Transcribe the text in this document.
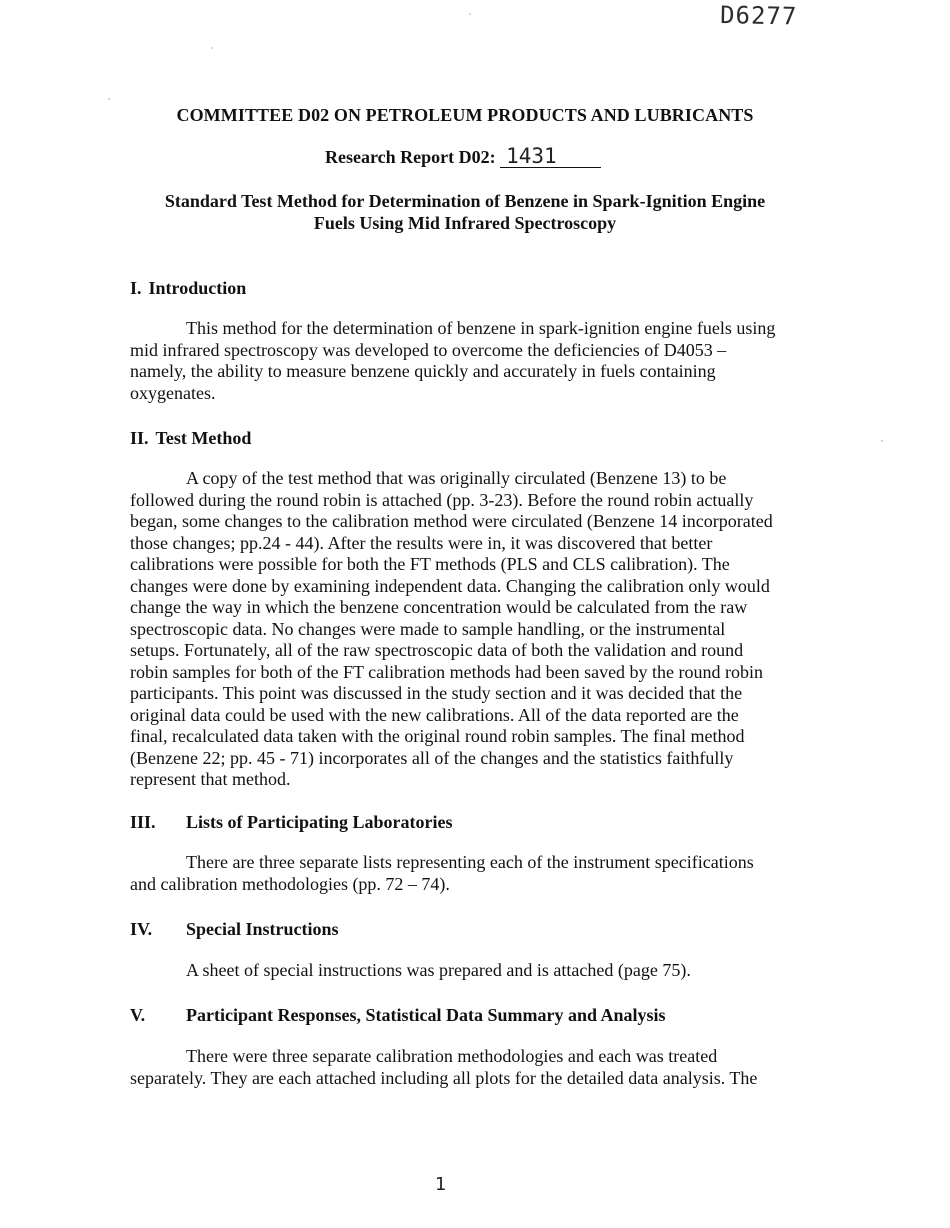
D6277
COMMITTEE D02 ON PETROLEUM PRODUCTS AND LUBRICANTS
Research Report D02: 1431
Standard Test Method for Determination of Benzene in Spark-Ignition Engine
Fuels Using Mid Infrared Spectroscopy
I. Introduction
This method for the determination of benzene in spark-ignition engine fuels using
mid infrared spectroscopy was developed to overcome the deficiencies of D4053 –
namely, the ability to measure benzene quickly and accurately in fuels containing
oxygenates.
II. Test Method
A copy of the test method that was originally circulated (Benzene 13) to be
followed during the round robin is attached (pp. 3-23). Before the round robin actually
began, some changes to the calibration method were circulated (Benzene 14 incorporated
those changes; pp.24 - 44). After the results were in, it was discovered that better
calibrations were possible for both the FT methods (PLS and CLS calibration). The
changes were done by examining independent data. Changing the calibration only would
change the way in which the benzene concentration would be calculated from the raw
spectroscopic data. No changes were made to sample handling, or the instrumental
setups. Fortunately, all of the raw spectroscopic data of both the validation and round
robin samples for both of the FT calibration methods had been saved by the round robin
participants. This point was discussed in the study section and it was decided that the
original data could be used with the new calibrations. All of the data reported are the
final, recalculated data taken with the original round robin samples. The final method
(Benzene 22; pp. 45 - 71) incorporates all of the changes and the statistics faithfully
represent that method.
III. Lists of Participating Laboratories
There are three separate lists representing each of the instrument specifications
and calibration methodologies (pp. 72 – 74).
IV. Special Instructions
A sheet of special instructions was prepared and is attached (page 75).
V. Participant Responses, Statistical Data Summary and Analysis
There were three separate calibration methodologies and each was treated
separately. They are each attached including all plots for the detailed data analysis. The
1
